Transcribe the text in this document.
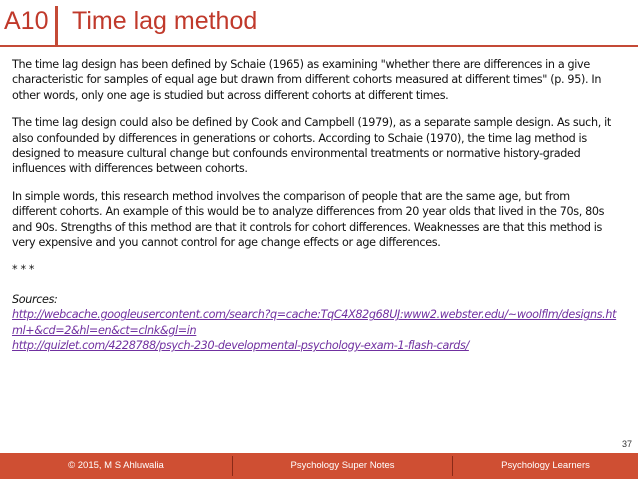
A10 Time lag method

The time lag design has been defined by Schaie (1965) as examining "whether there are differences in a give characteristic for samples of equal age but drawn from different cohorts measured at different times" (p. 95). In other words, only one age is studied but across different cohorts at different times.

The time lag design could also be defined by Cook and Campbell (1979), as a separate sample design. As such, it also confounded by differences in generations or cohorts. According to Schaie (1970), the time lag method is designed to measure cultural change but confounds environmental treatments or normative history-graded influences with differences between cohorts.

In simple words, this research method involves the comparison of people that are the same age, but from different cohorts. An example of this would be to analyze differences from 20 year olds that lived in the 70s, 80s and 90s. Strengths of this method are that it controls for cohort differences. Weaknesses are that this method is very expensive and you cannot control for age change effects or age differences.

* * *

Sources:
http://webcache.googleusercontent.com/search?q=cache:TqC4X82g68UJ:www2.webster.edu/~woolflm/designs.html+&cd=2&hl=en&ct=clnk&gl=in
http://quizlet.com/4228788/psych-230-developmental-psychology-exam-1-flash-cards/
37
© 2015, M S Ahluwalia	Psychology Super Notes	Psychology Learners
